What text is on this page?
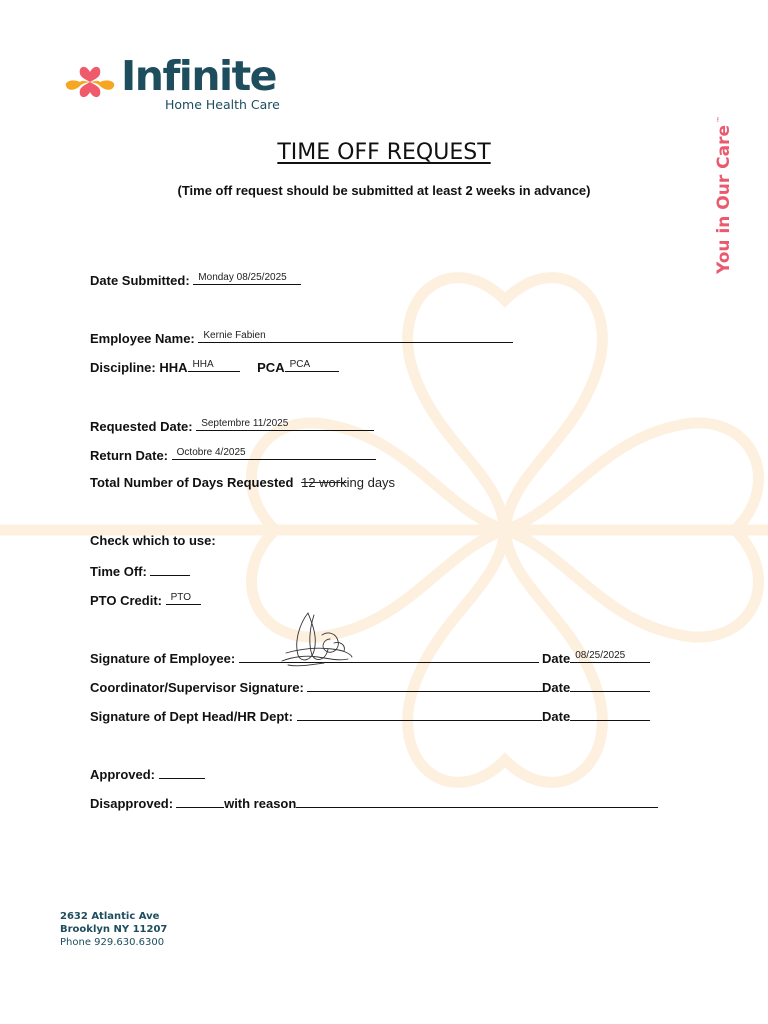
Infinite
Home Health Care
You in Our Care™
TIME OFF REQUEST
(Time off request should be submitted at least 2 weeks in advance)
Date Submitted: Monday 08/25/2025
Employee Name: Kernie Fabien
Discipline: HHA HHA	PCA PCA
Requested Date: Septembre 11/2025
Return Date: Octobre 4/2025
Total Number of Days Requested 12 working days
Check which to use:
Time Off:
PTO Credit: PTO
Signature of Employee:	Date 08/25/2025
Coordinator/Supervisor Signature:	Date
Signature of Dept Head/HR Dept:	Date
Approved:
Disapproved:	with reason
2632 Atlantic Ave
Brooklyn NY 11207
Phone 929.630.6300
